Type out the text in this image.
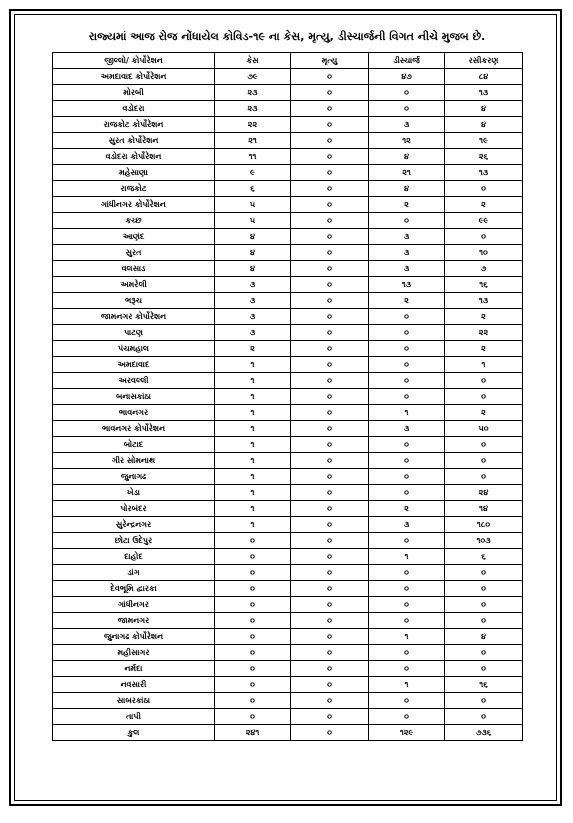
રાજ્યમાં આજ રોજ નોંધાયેલ કોવિડ-૧૯ ના કેસ, મૃત્યુ, ડીસ્ચાર્જની વિગત નીચે મુજબ છે.
જીલ્લો/ કોર્પોરેશન	કેસ	મૃત્યુ	ડીસ્ચાર્જ	રસીકરણ
અમદાવાદ કોર્પોરેશન	૭૯	૦	૪૭	૮૪
મોરબી	૨૩	૦	૦	૧૩
વડોદરા	૨૩	૦	૦	૪
રાજકોટ કોર્પોરેશન	૨૨	૦	૩	૪
સુરત કોર્પોરેશન	૨૧	૦	૧૨	૧૯
વડોદરા કોર્પોરેશન	૧૧	૦	૪	૨૬
મહેસાણા	૯	૦	૨૧	૧૩
રાજકોટ	૬	૦	૪	૦
ગાંધીનગર કોર્પોરેશન	૫	૦	૨	૨
કચ્છ	૫	૦	૦	૯૯
આણંદ	૪	૦	૩	૦
સુરત	૪	૦	૩	૧૦
વલસાડ	૪	૦	૩	૭
અમરેલી	૩	૦	૧૩	૧૬
ભરૂચ	૩	૦	૨	૧૩
જામનગર કોર્પોરેશન	૩	૦	૦	૨
પાટણ	૩	૦	૦	૨૨
પંચમહાલ	૨	૦	૦	૨
અમદાવાદ	૧	૦	૦	૧
અરવલ્લી	૧	૦	૦	૦
બનાસકાંઠા	૧	૦	૦	૦
ભાવનગર	૧	૦	૧	૨
ભાવનગર કોર્પોરેશન	૧	૦	૩	૫૦
બોટાદ	૧	૦	૦	૦
ગીર સોમનાથ	૧	૦	૦	૦
જુનાગઢ	૧	૦	૦	૦
ખેડા	૧	૦	૦	૨૪
પોરબંદર	૧	૦	૨	૧૪
સુરેન્દ્રનગર	૧	૦	૩	૧૮૦
છોટા ઉદેપુર	૦	૦	૦	૧૦૩
દાહોદ	૦	૦	૧	૬
ડાંગ	૦	૦	૦	૦
દેવભૂમિ દ્વારકા	૦	૦	૦	૦
ગાંધીનગર	૦	૦	૦	૦
જામનગર	૦	૦	૦	૦
જુનાગઢ કોર્પોરેશન	૦	૦	૧	૪
મહીસાગર	૦	૦	૦	૦
નર્મદા	૦	૦	૦	૦
નવસારી	૦	૦	૧	૧૬
સાબરકાંઠા	૦	૦	૦	૦
તાપી	૦	૦	૦	૦
કુલ	૨૪૧	૦	૧૨૯	૭૩૬
